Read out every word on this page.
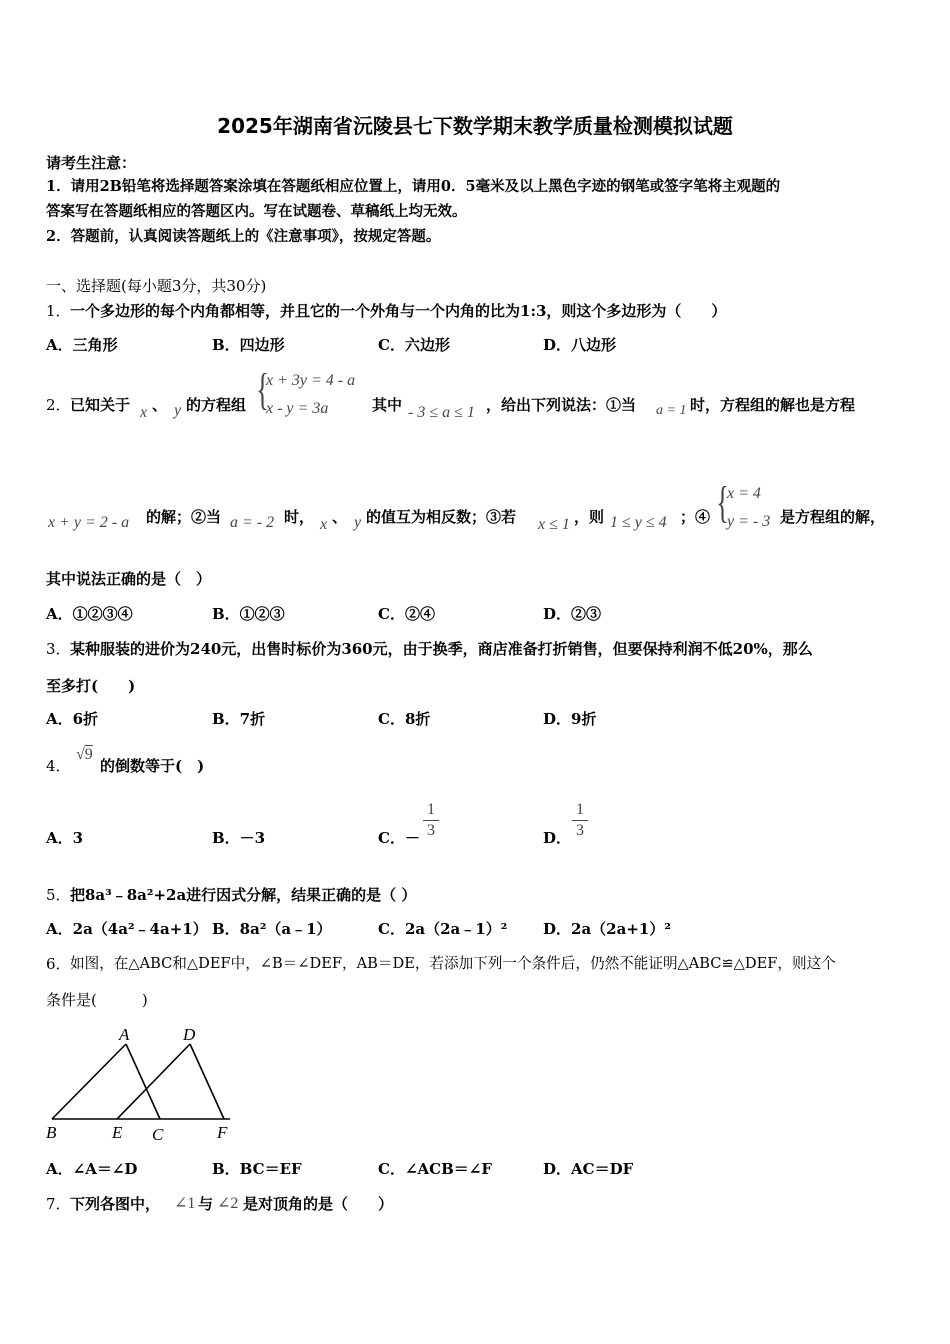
2025年湖南省沅陵县七下数学期末教学质量检测模拟试题
请考生注意：
1．请用2B铅笔将选择题答案涂填在答题纸相应位置上，请用0．5毫米及以上黑色字迹的钢笔或签字笔将主观题的
答案写在答题纸相应的答题区内。写在试题卷、草稿纸上均无效。
2．答题前，认真阅读答题纸上的《注意事项》，按规定答题。
一、选择题(每小题3分，共30分)
1． 一个多边形的每个内角都相等，并且它的一个外角与一个内角的比为1:3，则这个多边形为（　　）
A．三角形	B．四边形	C．六边形	D．八边形
2． 已知关于 x 、 y 的方程组 {
x + 3y = 4 - a
x - y = 3a	其中 - 3 ≤ a ≤ 1 ，给出下列说法：①当 a = 1 时，方程组的解也是方程
x + y = 2 - a 的解；②当 a = - 2 时， x 、 y 的值互为相反数；③若 x ≤ 1 ，则 1 ≤ y ≤ 4 ；④ {
x = 4
y = - 3 是方程组的解，
其中说法正确的是（　）
A．①②③④	B．①②③	C．②④	D．②③
3． 某种服装的进价为240元，出售时标价为360元，由于换季，商店准备打折销售，但要保持利润不低20%，那么
至多打(　　)
A．6折	B．7折	C．8折	D．9折
4．
√9
的倒数等于(　)
A．3	B．－3	C．－
1
3	D．
1
3
5． 把8a³﹣8a²+2a进行因式分解，结果正确的是（ ）
A．2a（4a²﹣4a+1） B．8a²（a﹣1）	C．2a（2a﹣1）² D．2a（2a+1）²
6． 如图，在△ABC和△DEF中，∠B＝∠DEF，AB＝DE，若添加下列一个条件后，仍然不能证明△ABC≌△DEF，则这个
条件是(　　　)
A	D
B	E C	F
A．∠A＝∠D	B．BC＝EF	C．∠ACB＝∠F	D．AC＝DF
7． 下列各图中， ∠1 与 ∠2 是对顶角的是（　　）
